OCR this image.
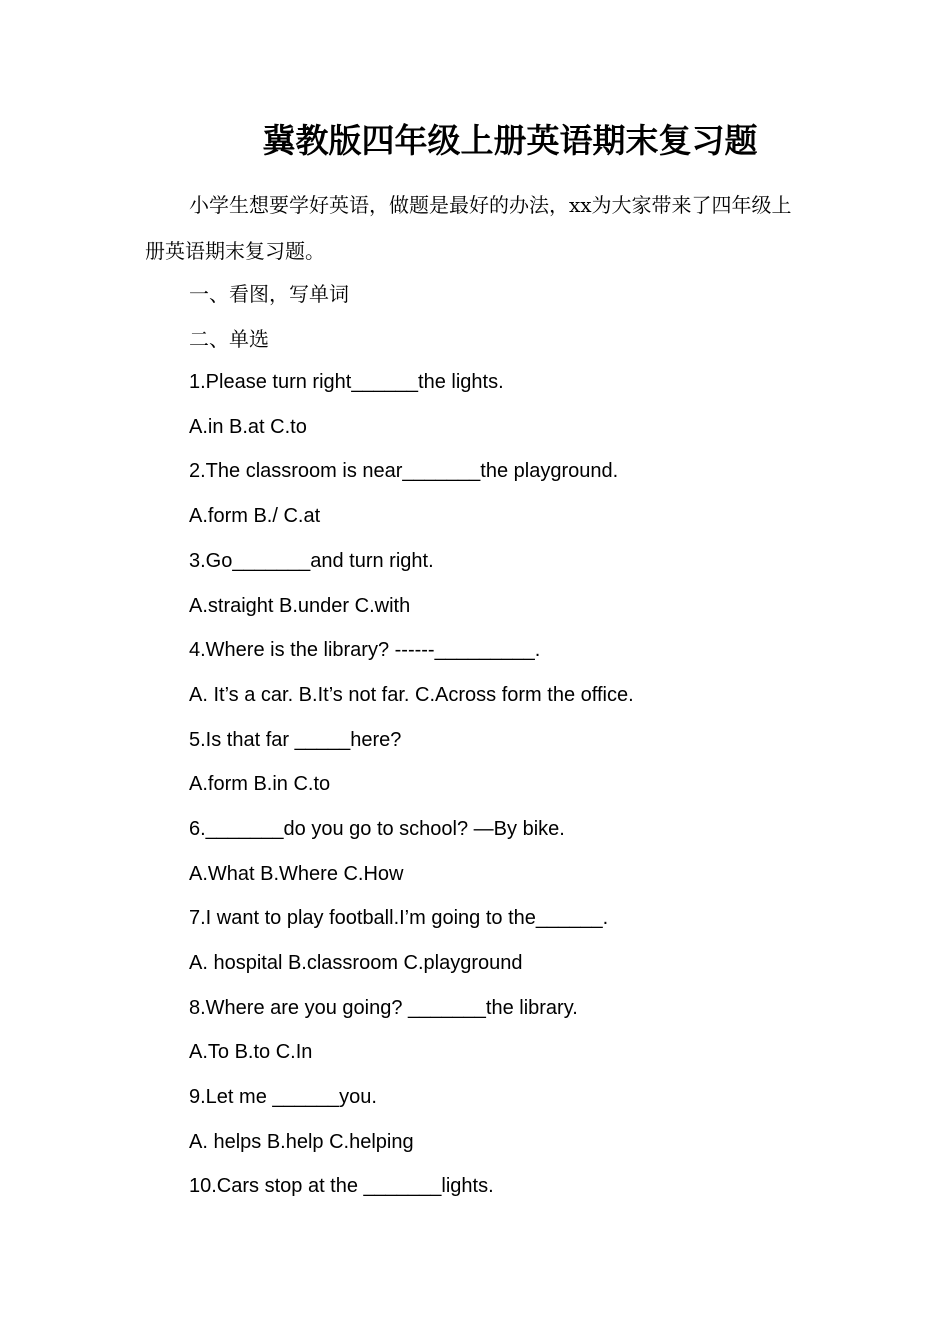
冀教版四年级上册英语期末复习题
小学生想要学好英语，做题是最好的办法，xx为大家带来了四年级上册英语期末复习题。
一、看图，写单词
二、单选
1.Please turn right______the lights.
A.in B.at C.to
2.The classroom is near_______the playground.
A.form B./ C.at
3.Go_______and turn right.
A.straight B.under C.with
4.Where is the library? ------_________.
A. It’s a car. B.It’s not far. C.Across form the office.
5.Is that far _____here?
A.form B.in C.to
6._______do you go to school? —By bike.
A.What B.Where C.How
7.I want to play football.I’m going to the______.
A. hospital B.classroom C.playground
8.Where are you going? _______the library.
A.To B.to C.In
9.Let me ______you.
A. helps B.help C.helping
10.Cars stop at the _______lights.
